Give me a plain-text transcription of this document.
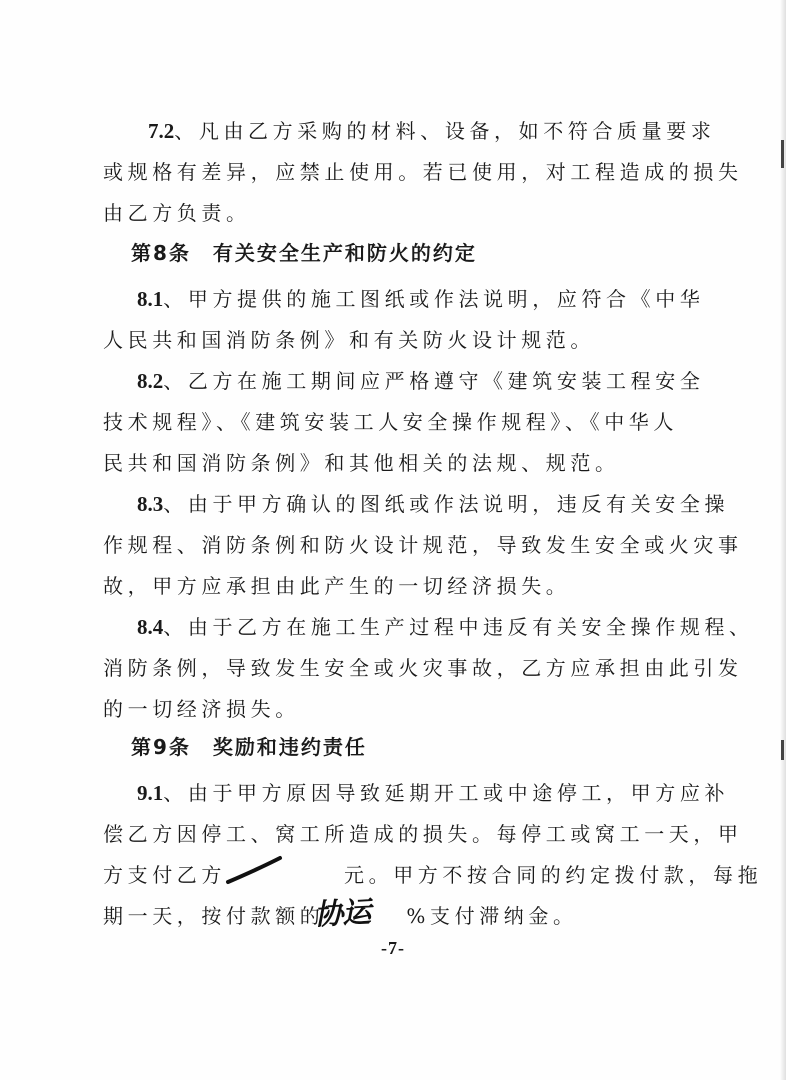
7.2、凡由乙方采购的材料、设备，如不符合质量要求
或规格有差异，应禁止使用。若已使用，对工程造成的损失
由乙方负责。
第8条　有关安全生产和防火的约定
8.1、甲方提供的施工图纸或作法说明，应符合《中华
人民共和国消防条例》和有关防火设计规范。
8.2、乙方在施工期间应严格遵守《建筑安装工程安全
技术规程》、《建筑安装工人安全操作规程》、《中华人
民共和国消防条例》和其他相关的法规、规范。
8.3、由于甲方确认的图纸或作法说明，违反有关安全操
作规程、消防条例和防火设计规范，导致发生安全或火灾事
故，甲方应承担由此产生的一切经济损失。
8.4、由于乙方在施工生产过程中违反有关安全操作规程、
消防条例，导致发生安全或火灾事故，乙方应承担由此引发
的一切经济损失。
第9条　奖励和违约责任
9.1、由于甲方原因导致延期开工或中途停工，甲方应补
偿乙方因停工、窝工所造成的损失。每停工或窝工一天，甲
方支付乙方	元。甲方不按合同的约定拨付款，每拖
期一天，按付款额的	%支付滞纳金。
协运
-7-
